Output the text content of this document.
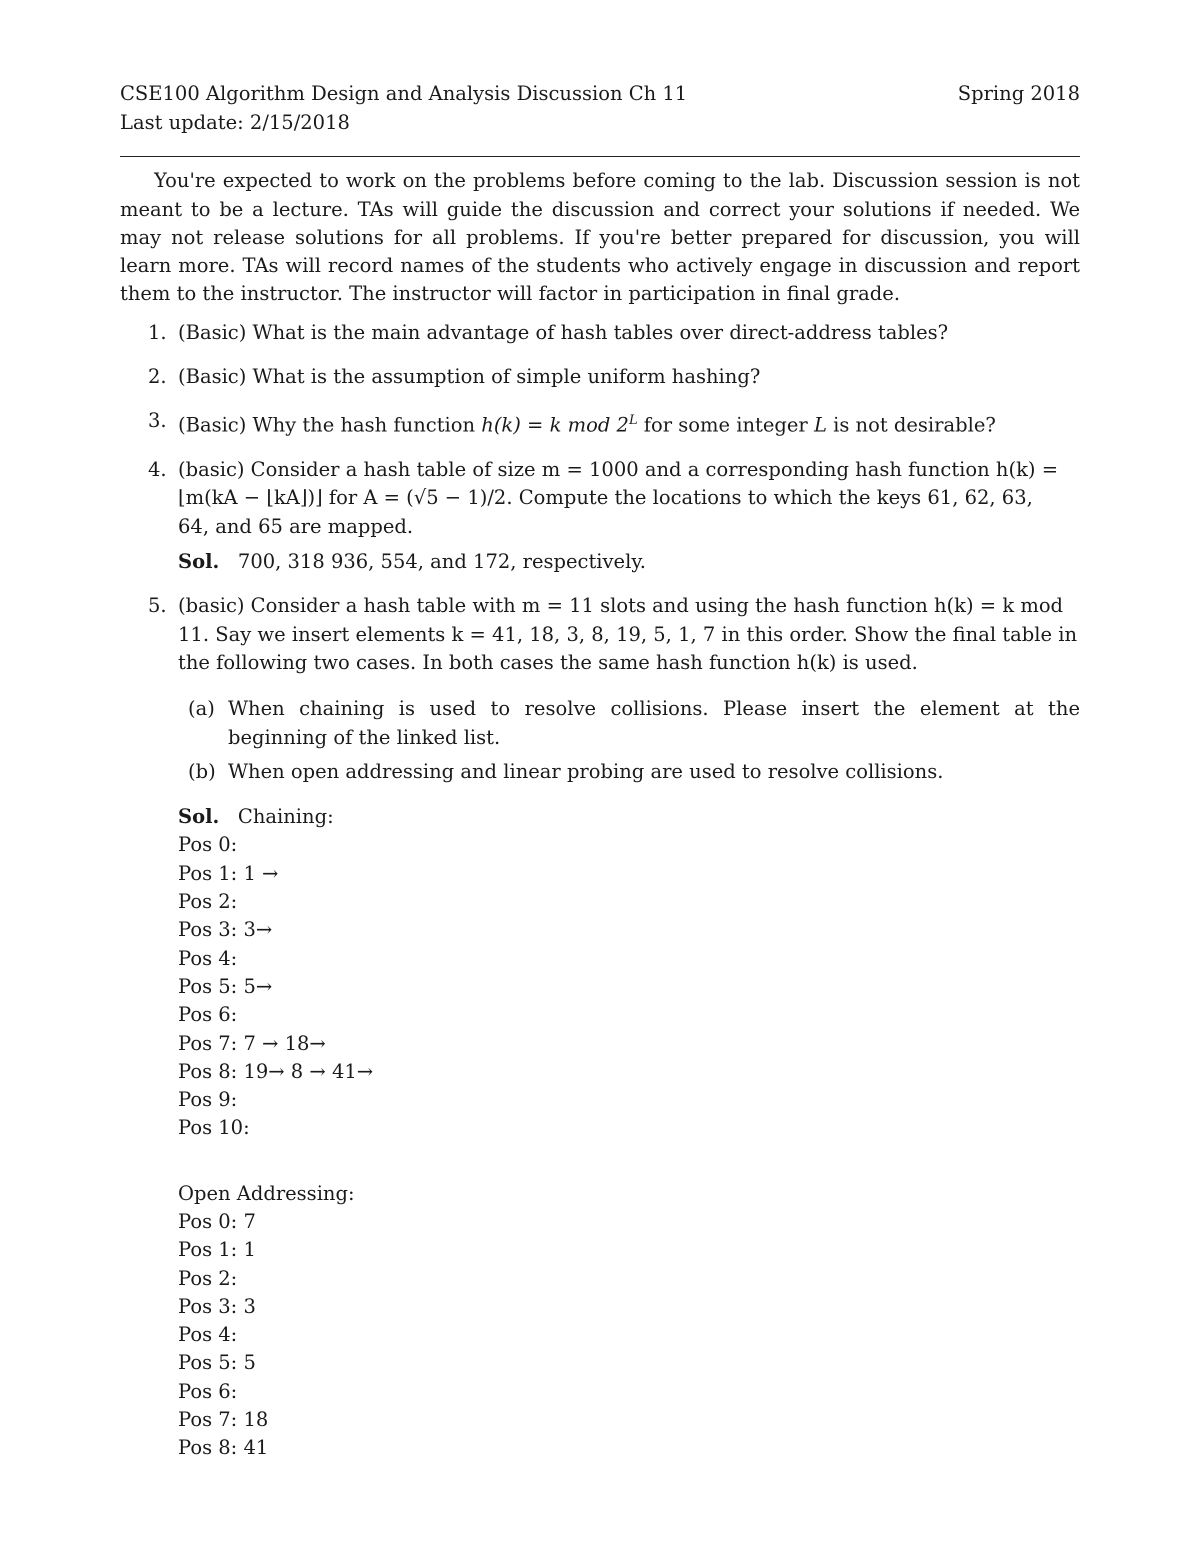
CSE100 Algorithm Design and Analysis Discussion Ch 11	Spring 2018
Last update: 2/15/2018

You're expected to work on the problems before coming to the lab. Discussion session is not meant to be a lecture. TAs will guide the discussion and correct your solutions if needed. We may not release solutions for all problems. If you're better prepared for discussion, you will learn more. TAs will record names of the students who actively engage in discussion and report them to the instructor. The instructor will factor in participation in final grade.

1. (Basic) What is the main advantage of hash tables over direct-address tables?
2. (Basic) What is the assumption of simple uniform hashing?
3. (Basic) Why the hash function h(k) = k mod $2^L$ for some integer L is not desirable?
4. (basic) Consider a hash table of size m = 1000 and a corresponding hash function h(k) =
⌊m(kA − ⌊kA⌋)⌋ for A = (√5 − 1)/2. Compute the locations to which the keys 61, 62, 63,
64, and 65 are mapped.
Sol. 700, 318 936, 554, and 172, respectively.
5. (basic) Consider a hash table with m = 11 slots and using the hash function h(k) = k mod
11. Say we insert elements k = 41, 18, 3, 8, 19, 5, 1, 7 in this order. Show the final table in
the following two cases. In both cases the same hash function h(k) is used.
(a) When chaining is used to resolve collisions. Please insert the element at the beginning of the linked list.
(b) When open addressing and linear probing are used to resolve collisions.
Sol. Chaining:
Pos 0:
Pos 1: 1 →
Pos 2:
Pos 3: 3→
Pos 4:
Pos 5: 5→
Pos 6:
Pos 7: 7 → 18→
Pos 8: 19→ 8 → 41→
Pos 9:
Pos 10:
Open Addressing:
Pos 0: 7
Pos 1: 1
Pos 2:
Pos 3: 3
Pos 4:
Pos 5: 5
Pos 6:
Pos 7: 18
Pos 8: 41
